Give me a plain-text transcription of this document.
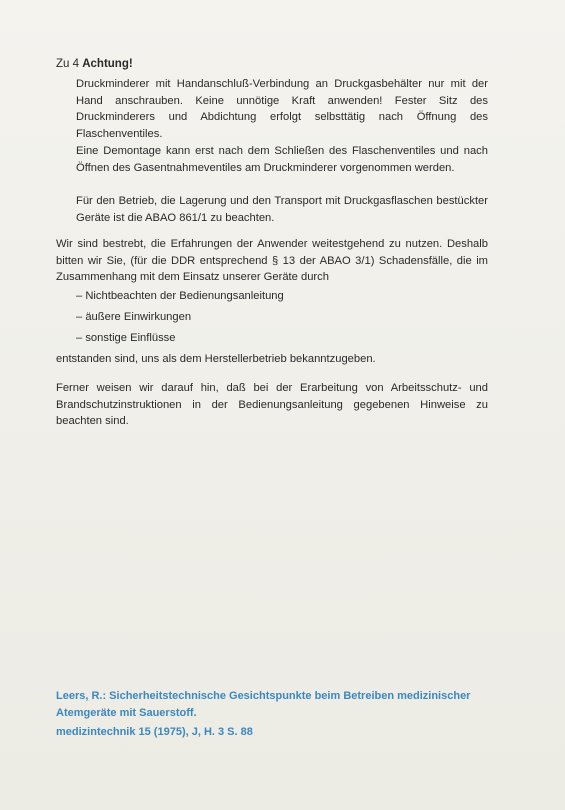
Zu 4 Achtung!
Druckminderer mit Handanschluß-Verbindung an Druckgasbehälter nur mit der Hand anschrauben. Keine unnötige Kraft anwenden! Fester Sitz des Druckminderers und Abdichtung erfolgt selbsttätig nach Öffnung des Flaschenventiles.
Eine Demontage kann erst nach dem Schließen des Flaschenventiles und nach Öffnen des Gasentnahmeventiles am Druckminderer vorgenommen werden.
Für den Betrieb, die Lagerung und den Transport mit Druckgasflaschen bestückter Geräte ist die ABAO 861/1 zu beachten.
Wir sind bestrebt, die Erfahrungen der Anwender weitestgehend zu nutzen. Deshalb bitten wir Sie, (für die DDR entsprechend § 13 der ABAO 3/1) Schadensfälle, die im Zusammenhang mit dem Einsatz unserer Geräte durch
– Nichtbeachten der Bedienungsanleitung
– äußere Einwirkungen
– sonstige Einflüsse
entstanden sind, uns als dem Herstellerbetrieb bekanntzugeben.
Ferner weisen wir darauf hin, daß bei der Erarbeitung von Arbeitsschutz- und Brandschutzinstruktionen in der Bedienungsanleitung gegebenen Hinweise zu beachten sind.
Leers, R.: Sicherheitstechnische Gesichtspunkte beim Betreiben medizinischer Atemgeräte mit Sauerstoff.
medizintechnik 15 (1975), J, H. 3 S. 88
